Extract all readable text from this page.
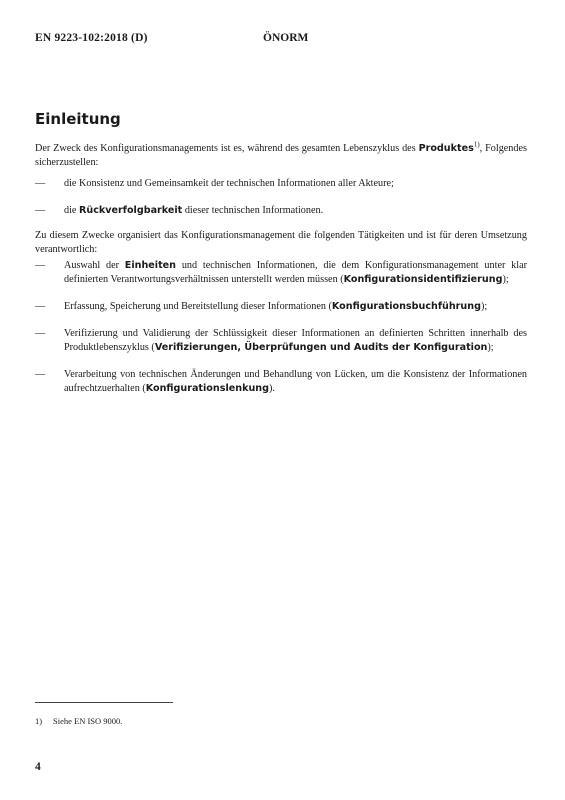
EN 9223-102:2018 (D)	ÖNORM
Einleitung

Der Zweck des Konfigurationsmanagements ist es, während des gesamten Lebenszyklus des Produktes$^{1)}$, Folgendes sicherzustellen:

— die Konsistenz und Gemeinsamkeit der technischen Informationen aller Akteure;
— die Rückverfolgbarkeit dieser technischen Informationen.

Zu diesem Zwecke organisiert das Konfigurationsmanagement die folgenden Tätigkeiten und ist für deren Umsetzung verantwortlich:

— Auswahl der Einheiten und technischen Informationen, die dem Konfigurationsmanagement unter klar definierten Verantwortungsverhältnissen unterstellt werden müssen (Konfigurationsidentifizierung);
— Erfassung, Speicherung und Bereitstellung dieser Informationen (Konfigurationsbuchführung);
— Verifizierung und Validierung der Schlüssigkeit dieser Informationen an definierten Schritten innerhalb des Produktlebenszyklus (Verifizierungen, Überprüfungen und Audits der Konfiguration);
— Verarbeitung von technischen Änderungen und Behandlung von Lücken, um die Konsistenz der Informationen aufrechtzuerhalten (Konfigurationslenkung).
1) Siehe EN ISO 9000.
4
